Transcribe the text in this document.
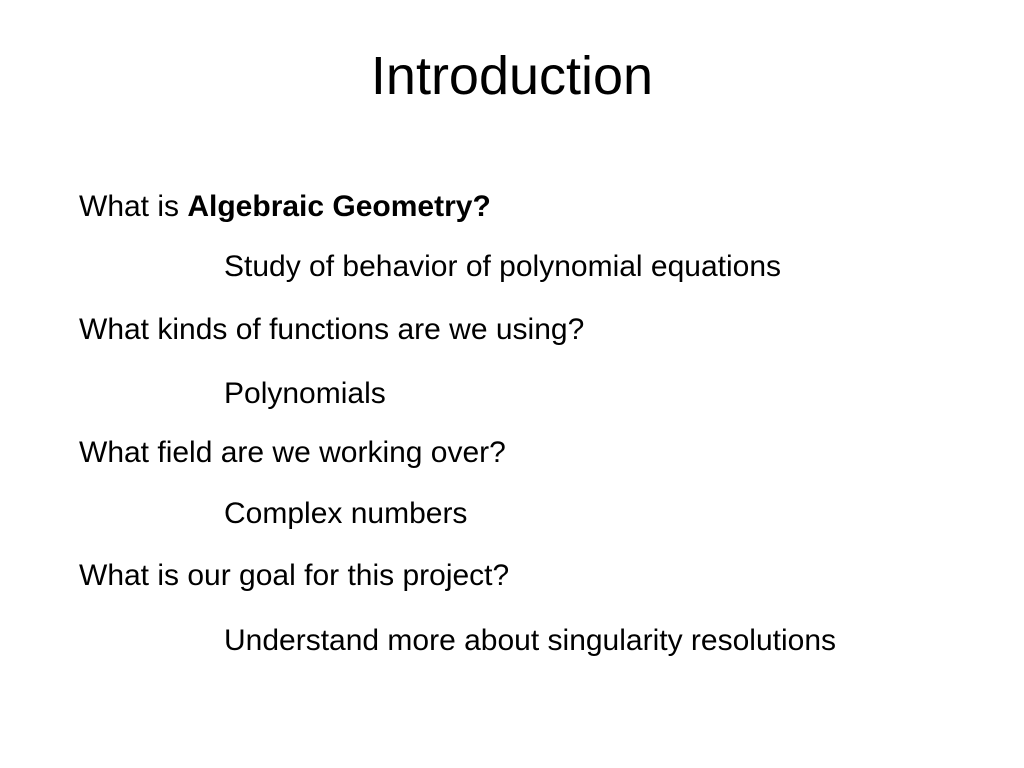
Introduction

What is Algebraic Geometry?

Study of behavior of polynomial equations

What kinds of functions are we using?

Polynomials

What field are we working over?

Complex numbers

What is our goal for this project?

Understand more about singularity resolutions
